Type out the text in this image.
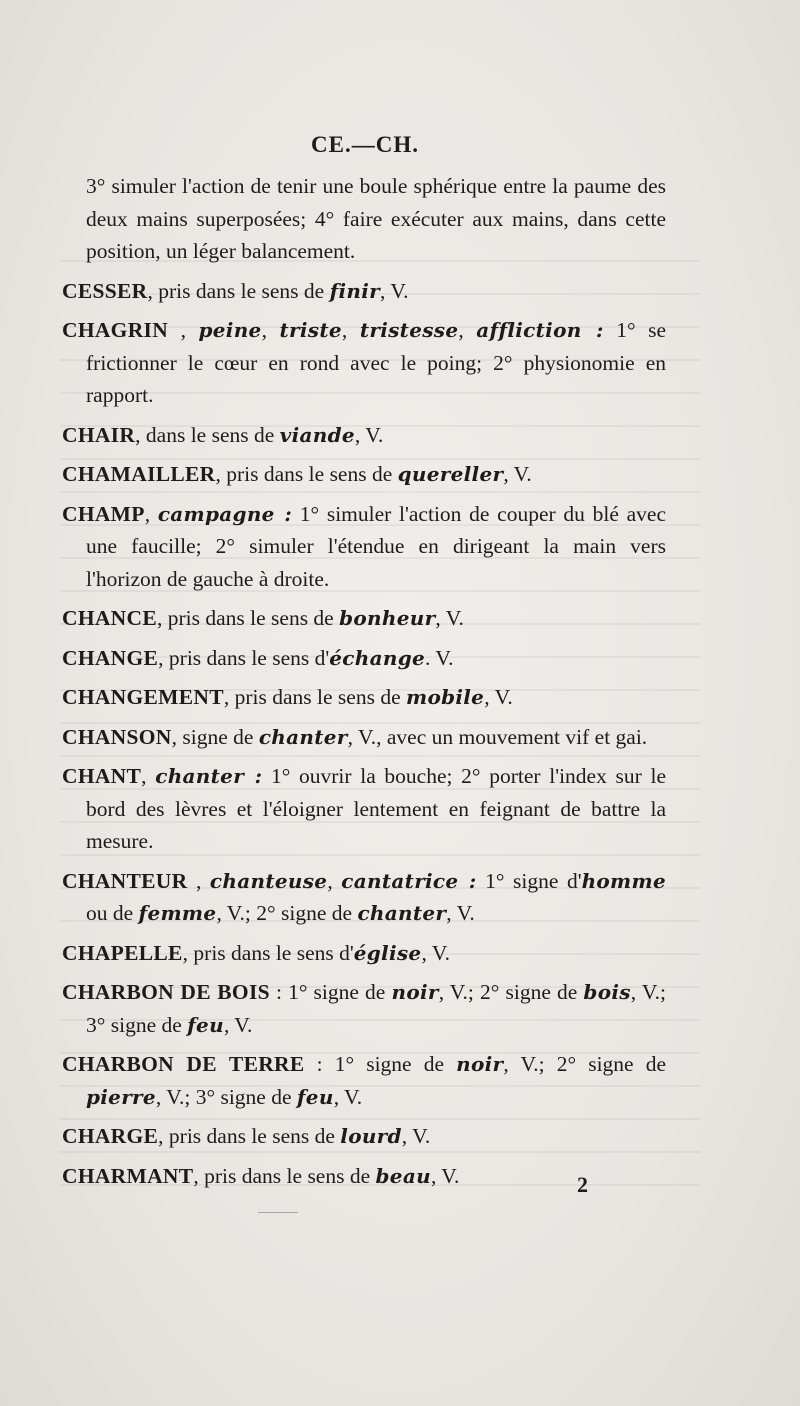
CE.—CH.

3° simuler l'action de tenir une boule sphérique entre la paume des deux mains superposées; 4° faire exécuter aux mains, dans cette position, un léger balancement.

CESSER, pris dans le sens de finir, V.

CHAGRIN , peine, triste, tristesse, affliction : 1° se frictionner le cœur en rond avec le poing; 2° physionomie en rapport.

CHAIR, dans le sens de viande, V.

CHAMAILLER, pris dans le sens de quereller, V.

CHAMP, campagne : 1° simuler l'action de couper du blé avec une faucille; 2° simuler l'étendue en dirigeant la main vers l'horizon de gauche à droite.

CHANCE, pris dans le sens de bonheur, V.

CHANGE, pris dans le sens d'échange. V.

CHANGEMENT, pris dans le sens de mobile, V.

CHANSON, signe de chanter, V., avec un mouvement vif et gai.

CHANT, chanter : 1° ouvrir la bouche; 2° porter l'index sur le bord des lèvres et l'éloigner lentement en feignant de battre la mesure.

CHANTEUR , chanteuse, cantatrice : 1° signe d'homme ou de femme, V.; 2° signe de chanter, V.

CHAPELLE, pris dans le sens d'église, V.

CHARBON DE BOIS : 1° signe de noir, V.; 2° signe de bois, V.; 3° signe de feu, V.

CHARBON DE TERRE : 1° signe de noir, V.; 2° signe de pierre, V.; 3° signe de feu, V.

CHARGE, pris dans le sens de lourd, V.

CHARMANT, pris dans le sens de beau, V.	2
